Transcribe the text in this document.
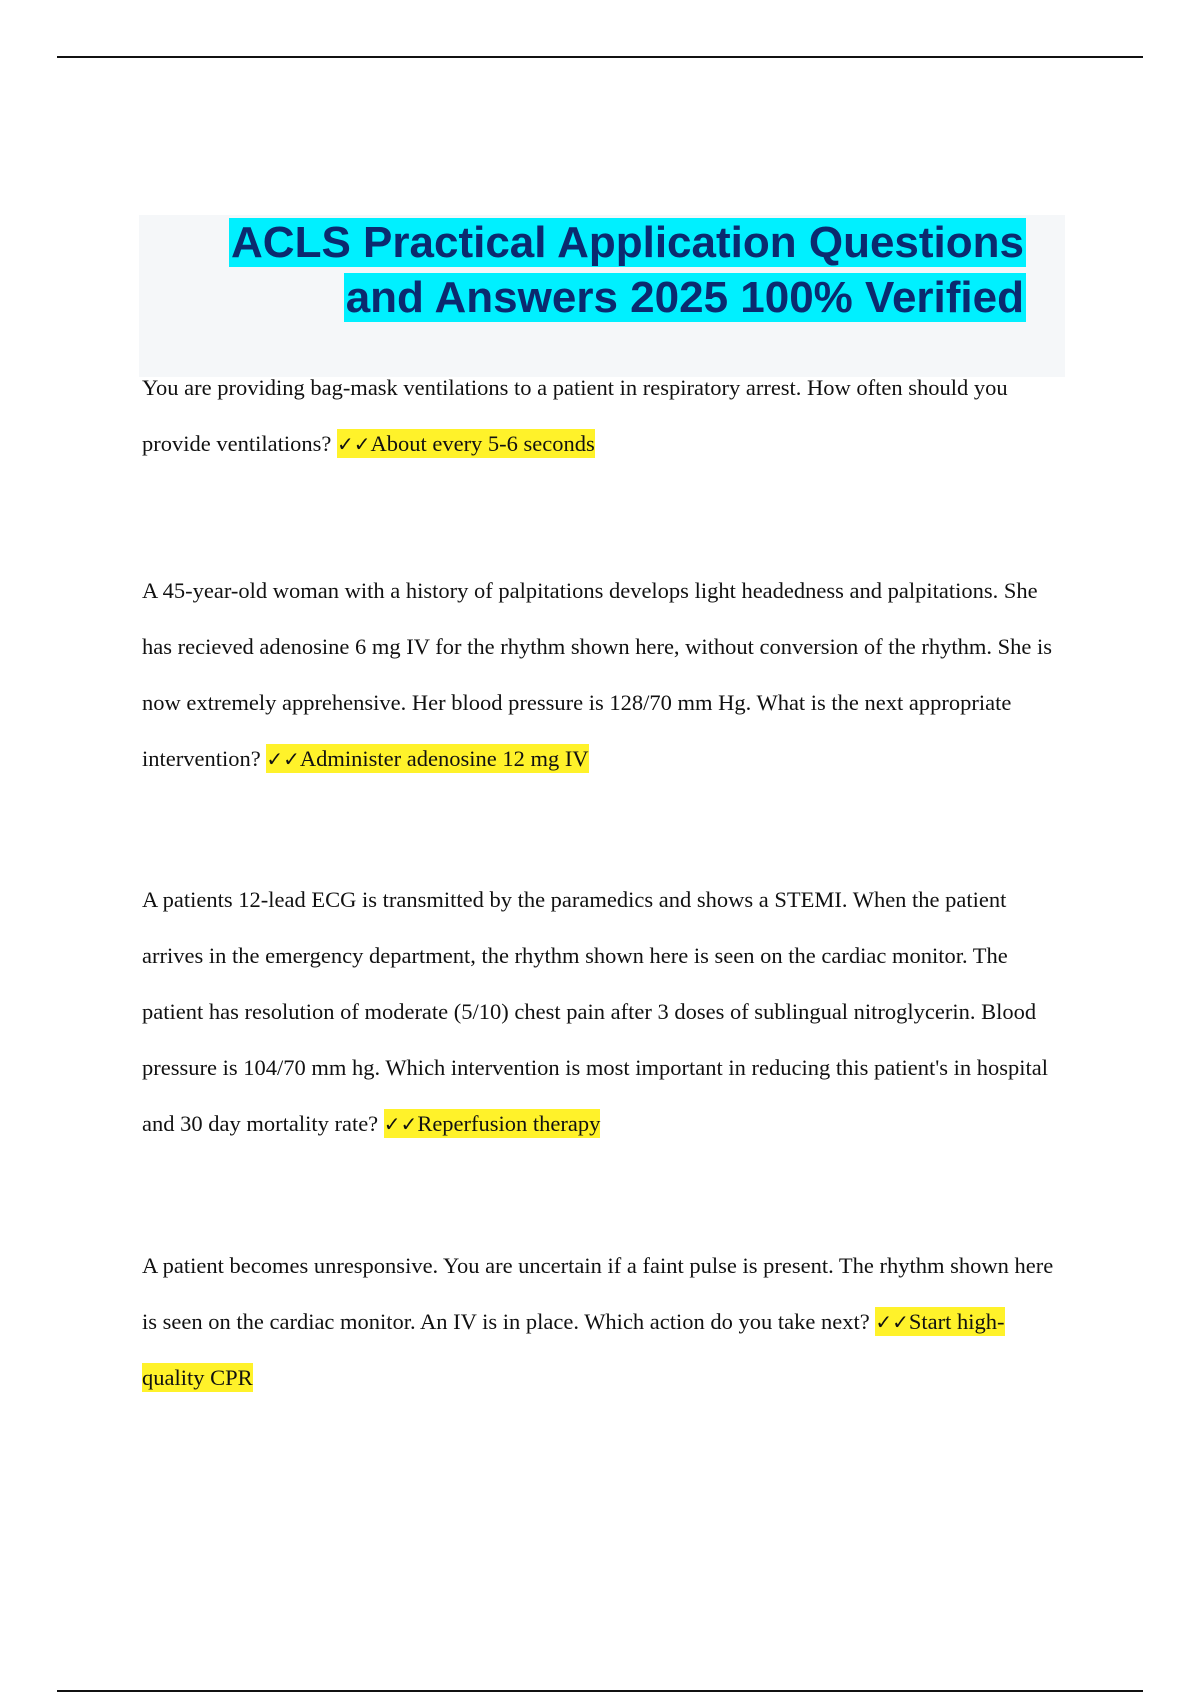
ACLS Practical Application Questions and Answers 2025 100% Verified

You are providing bag-mask ventilations to a patient in respiratory arrest. How often should you provide ventilations? ✓✓About every 5-6 seconds

A 45-year-old woman with a history of palpitations develops light headedness and palpitations. She has recieved adenosine 6 mg IV for the rhythm shown here, without conversion of the rhythm. She is now extremely apprehensive. Her blood pressure is 128/70 mm Hg. What is the next appropriate intervention? ✓✓Administer adenosine 12 mg IV

A patients 12-lead ECG is transmitted by the paramedics and shows a STEMI. When the patient arrives in the emergency department, the rhythm shown here is seen on the cardiac monitor. The patient has resolution of moderate (5/10) chest pain after 3 doses of sublingual nitroglycerin. Blood pressure is 104/70 mm hg. Which intervention is most important in reducing this patient's in hospital and 30 day mortality rate? ✓✓Reperfusion therapy

A patient becomes unresponsive. You are uncertain if a faint pulse is present. The rhythm shown here is seen on the cardiac monitor. An IV is in place. Which action do you take next? ✓✓Start high-quality CPR
